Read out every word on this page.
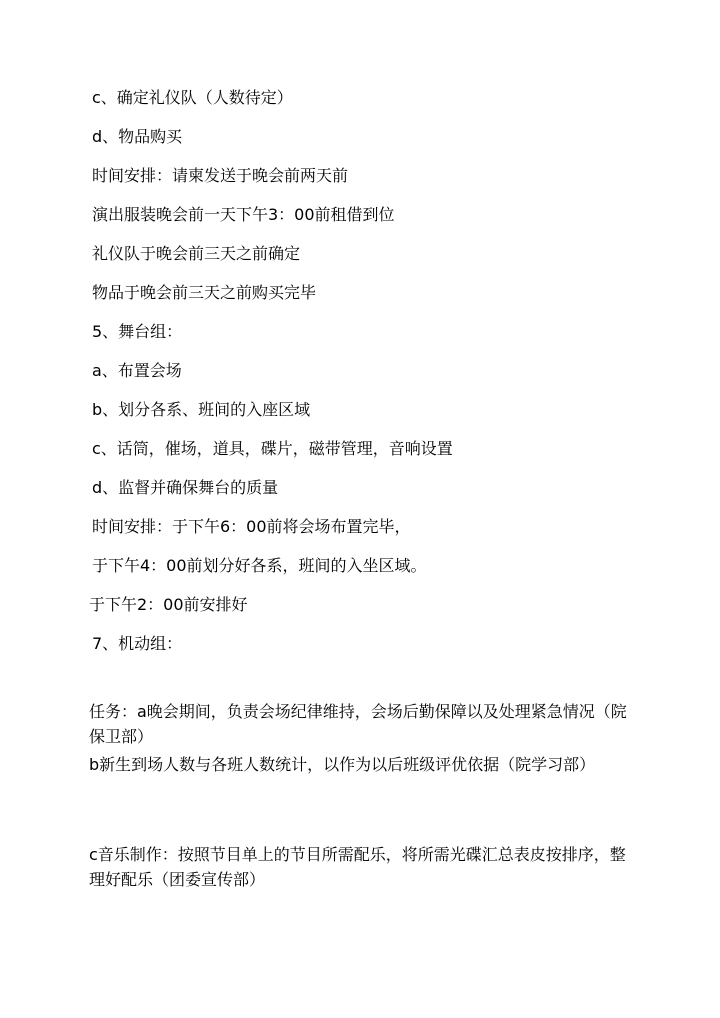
c、确定礼仪队（人数待定）

d、物品购买

时间安排：请柬发送于晚会前两天前

演出服装晚会前一天下午3：00前租借到位

礼仪队于晚会前三天之前确定

物品于晚会前三天之前购买完毕

5、舞台组：

a、布置会场

b、划分各系、班间的入座区域

c、话筒，催场，道具，碟片，磁带管理，音响设置

d、监督并确保舞台的质量

时间安排：于下午6：00前将会场布置完毕，

于下午4：00前划分好各系，班间的入坐区域。

于下午2：00前安排好

7、机动组：

任务：a晚会期间，负责会场纪律维持，会场后勤保障以及处理紧急情况（院保卫部）

b新生到场人数与各班人数统计，以作为以后班级评优依据（院学习部）

c音乐制作：按照节目单上的节目所需配乐，将所需光碟汇总表皮按排序，整理好配乐（团委宣传部）
